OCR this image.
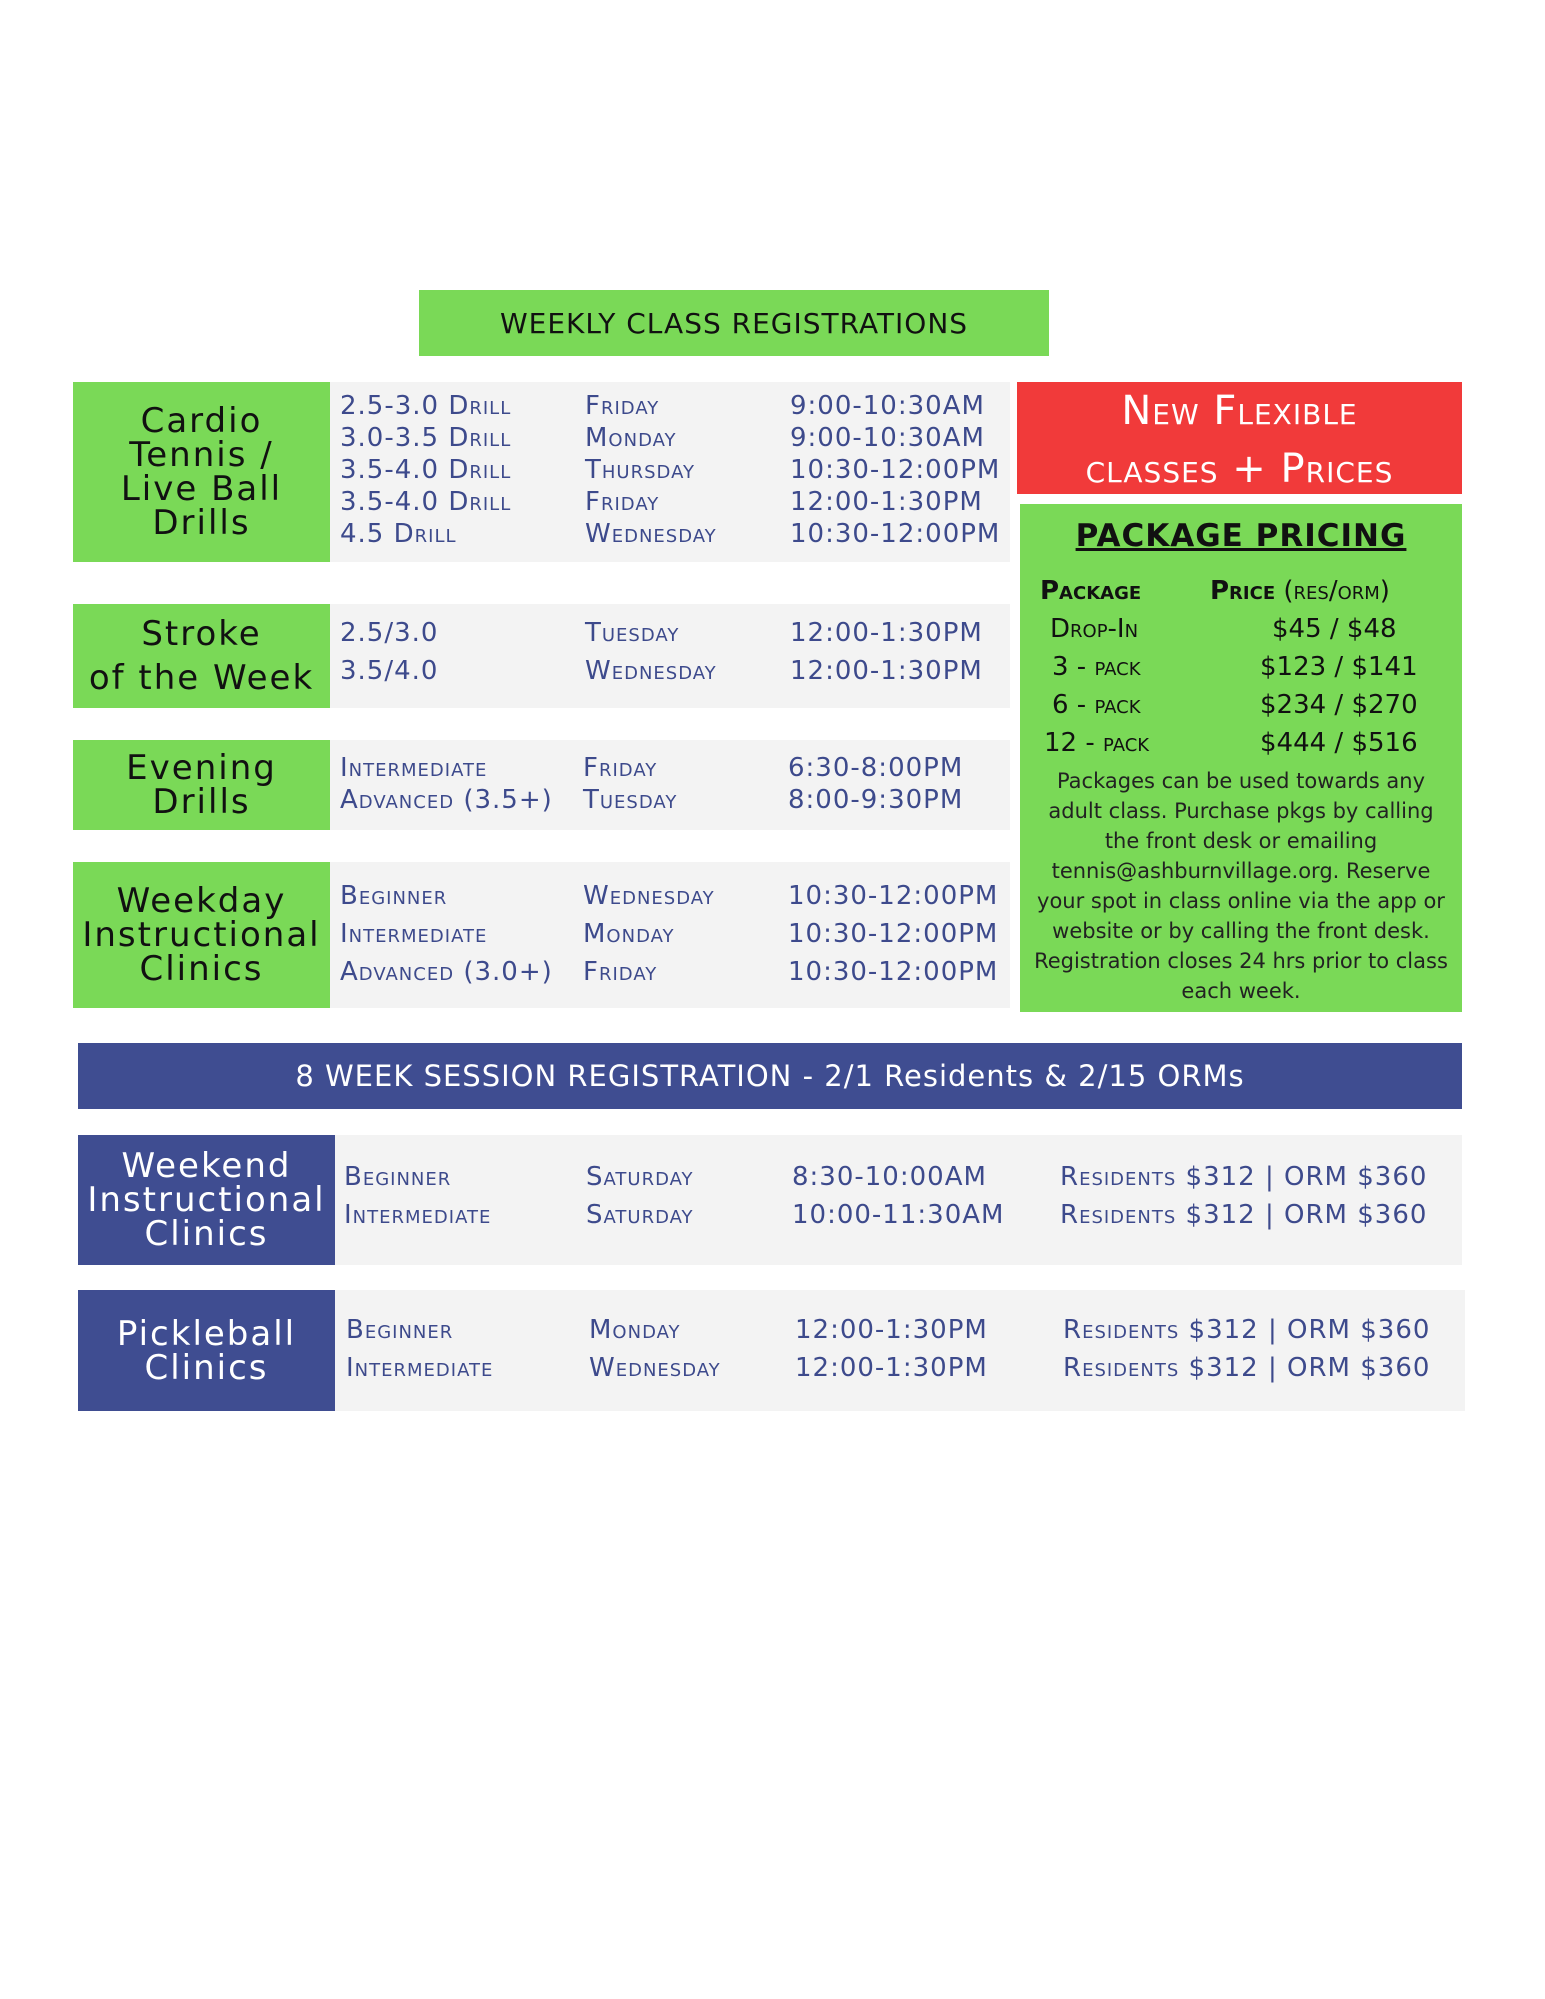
WEEKLY CLASS REGISTRATIONS
Cardio
Tennis /
Live Ball
Drills
2.5-3.0 Drill	Friday	9:00-10:30AM
3.0-3.5 Drill	Monday	9:00-10:30AM
3.5-4.0 Drill	Thursday	10:30-12:00PM
3.5-4.0 Drill	Friday	12:00-1:30PM
4.5 Drill	Wednesday	10:30-12:00PM
Stroke
of the Week
2.5/3.0	Tuesday	12:00-1:30PM
3.5/4.0	Wednesday	12:00-1:30PM
Evening
Drills
Intermediate	Friday	6:30-8:00PM
Advanced (3.5+) Tuesday	8:00-9:30PM
Weekday
Instructional
Clinics
Beginner	Wednesday	10:30-12:00PM
Intermediate	Monday	10:30-12:00PM
Advanced (3.0+) Friday	10:30-12:00PM
New Flexible
classes + Prices
PACKAGE PRICING
Package	Price (res/orm)
Drop-In	$45 / $48
3 - pack	$123 / $141
6 - pack	$234 / $270
12 - pack	$444 / $516
Packages can be used towards any adult class. Purchase pkgs by calling the front desk or emailing tennis@ashburnvillage.org. Reserve your spot in class online via the app or website or by calling the front desk. Registration closes 24 hrs prior to class each week.
8 WEEK SESSION REGISTRATION - 2/1 Residents & 2/15 ORMs
Weekend
Instructional
Clinics
Beginner	Saturday	8:30-10:00AM	Residents $312 | ORM $360
Intermediate	Saturday	10:00-11:30AM Residents $312 | ORM $360
Pickleball
Clinics
Beginner	Monday	12:00-1:30PM	Residents $312 | ORM $360
Intermediate	Wednesday	12:00-1:30PM	Residents $312 | ORM $360
